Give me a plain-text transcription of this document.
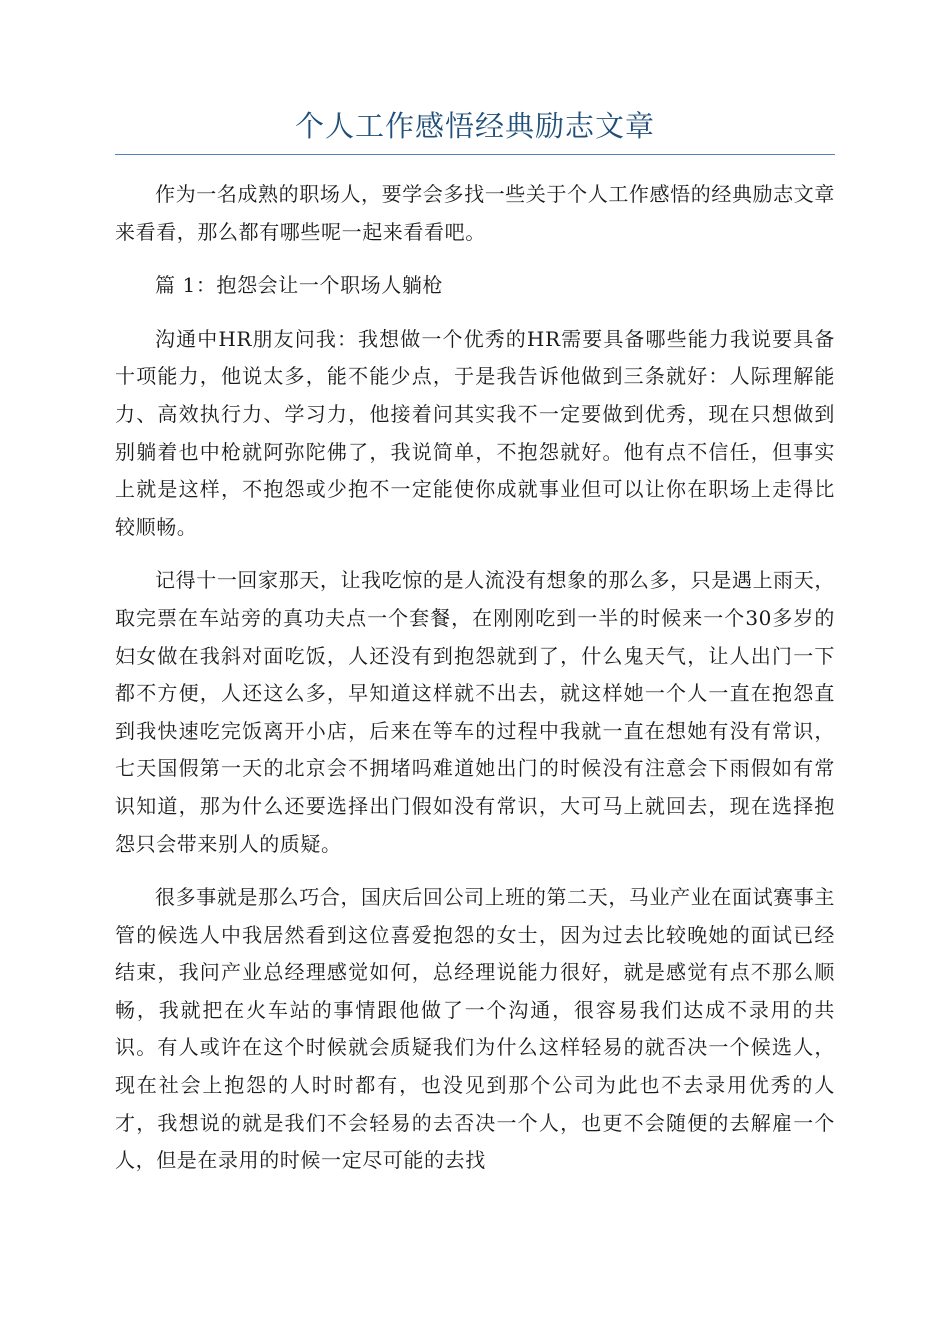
个人工作感悟经典励志文章

作为一名成熟的职场人，要学会多找一些关于个人工作感悟的经典励志文章来看看，那么都有哪些呢一起来看看吧。

篇 1：抱怨会让一个职场人躺枪

沟通中HR朋友问我：我想做一个优秀的HR需要具备哪些能力我说要具备十项能力，他说太多，能不能少点，于是我告诉他做到三条就好：人际理解能力、高效执行力、学习力，他接着问其实我不一定要做到优秀，现在只想做到别躺着也中枪就阿弥陀佛了，我说简单，不抱怨就好。他有点不信任，但事实上就是这样，不抱怨或少抱不一定能使你成就事业但可以让你在职场上走得比较顺畅。

记得十一回家那天，让我吃惊的是人流没有想象的那么多，只是遇上雨天，取完票在车站旁的真功夫点一个套餐，在刚刚吃到一半的时候来一个30多岁的妇女做在我斜对面吃饭，人还没有到抱怨就到了，什么鬼天气，让人出门一下都不方便，人还这么多，早知道这样就不出去，就这样她一个人一直在抱怨直到我快速吃完饭离开小店，后来在等车的过程中我就一直在想她有没有常识，七天国假第一天的北京会不拥堵吗难道她出门的时候没有注意会下雨假如有常识知道，那为什么还要选择出门假如没有常识，大可马上就回去，现在选择抱怨只会带来别人的质疑。

很多事就是那么巧合，国庆后回公司上班的第二天，马业产业在面试赛事主管的候选人中我居然看到这位喜爱抱怨的女士，因为过去比较晚她的面试已经结束，我问产业总经理感觉如何，总经理说能力很好，就是感觉有点不那么顺畅，我就把在火车站的事情跟他做了一个沟通，很容易我们达成不录用的共识。有人或许在这个时候就会质疑我们为什么这样轻易的就否决一个候选人，现在社会上抱怨的人时时都有，也没见到那个公司为此也不去录用优秀的人才，我想说的就是我们不会轻易的去否决一个人，也更不会随便的去解雇一个人，但是在录用的时候一定尽可能的去找
